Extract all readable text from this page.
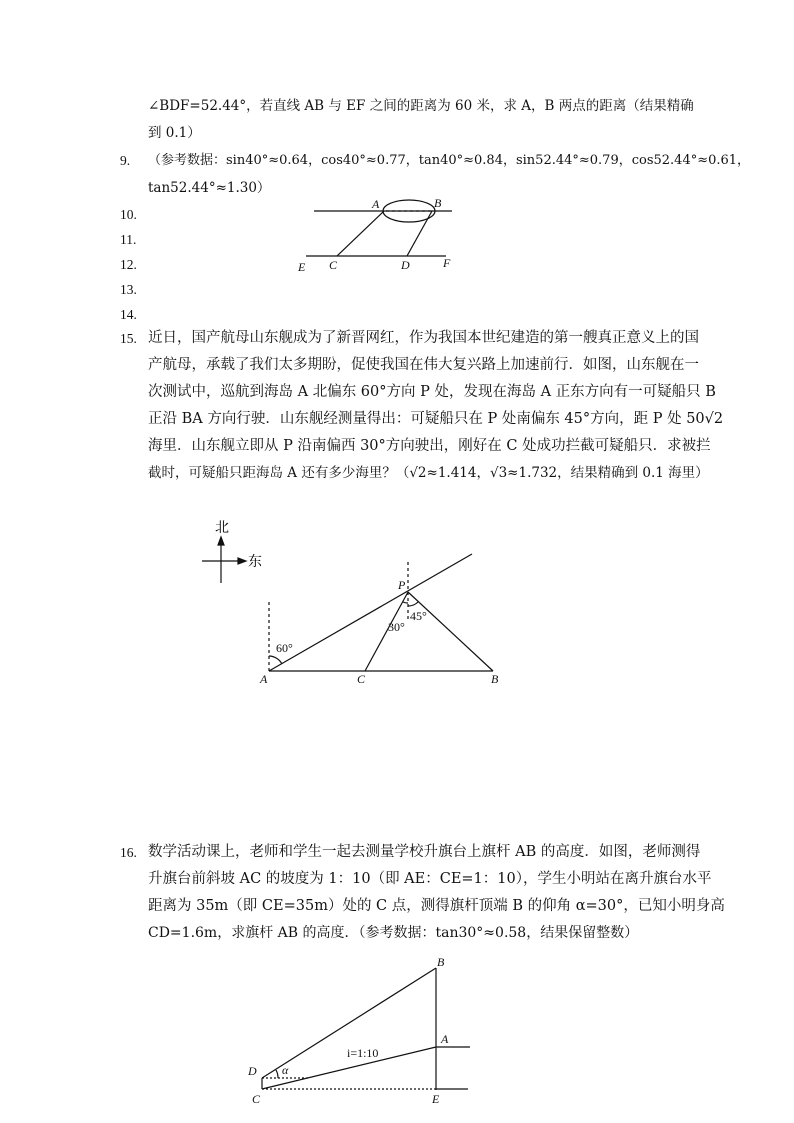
∠BDF=52.44°，若直线 AB 与 EF 之间的距离为 60 米，求 A，B 两点的距离（结果精确
到 0.1）
9. （参考数据：sin40°≈0.64，cos40°≈0.77，tan40°≈0.84，sin52.44°≈0.79，cos52.44°≈0.61，
tan52.44°≈1.30）
10.
11.
12.
13.
14.
A	B
E C	D	F
15. 近日，国产航母山东舰成为了新晋网红，作为我国本世纪建造的第一艘真正意义上的国
产航母，承载了我们太多期盼，促使我国在伟大复兴路上加速前行．如图，山东舰在一
次测试中，巡航到海岛 A 北偏东 60°方向 P 处，发现在海岛 A 正东方向有一可疑船只 B
正沿 BA 方向行驶．山东舰经测量得出：可疑船只在 P 处南偏东 45°方向，距 P 处 50√2
海里．山东舰立即从 P 沿南偏西 30°方向驶出，刚好在 C 处成功拦截可疑船只．求被拦
截时，可疑船只距海岛 A 还有多少海里？（√2≈1.414，√3≈1.732，结果精确到 0.1 海里）
北
东
60°
30°
45°
A	C	B
P
16. 数学活动课上，老师和学生一起去测量学校升旗台上旗杆 AB 的高度．如图，老师测得
升旗台前斜坡 AC 的坡度为 1：10（即 AE：CE=1：10），学生小明站在离升旗台水平
距离为 35m（即 CE=35m）处的 C 点，测得旗杆顶端 B 的仰角 α=30°，已知小明身高
CD=1.6m，求旗杆 AB 的高度．（参考数据：tan30°≈0.58，结果保留整数）
B
A
D
C	E
α
i=1:10
